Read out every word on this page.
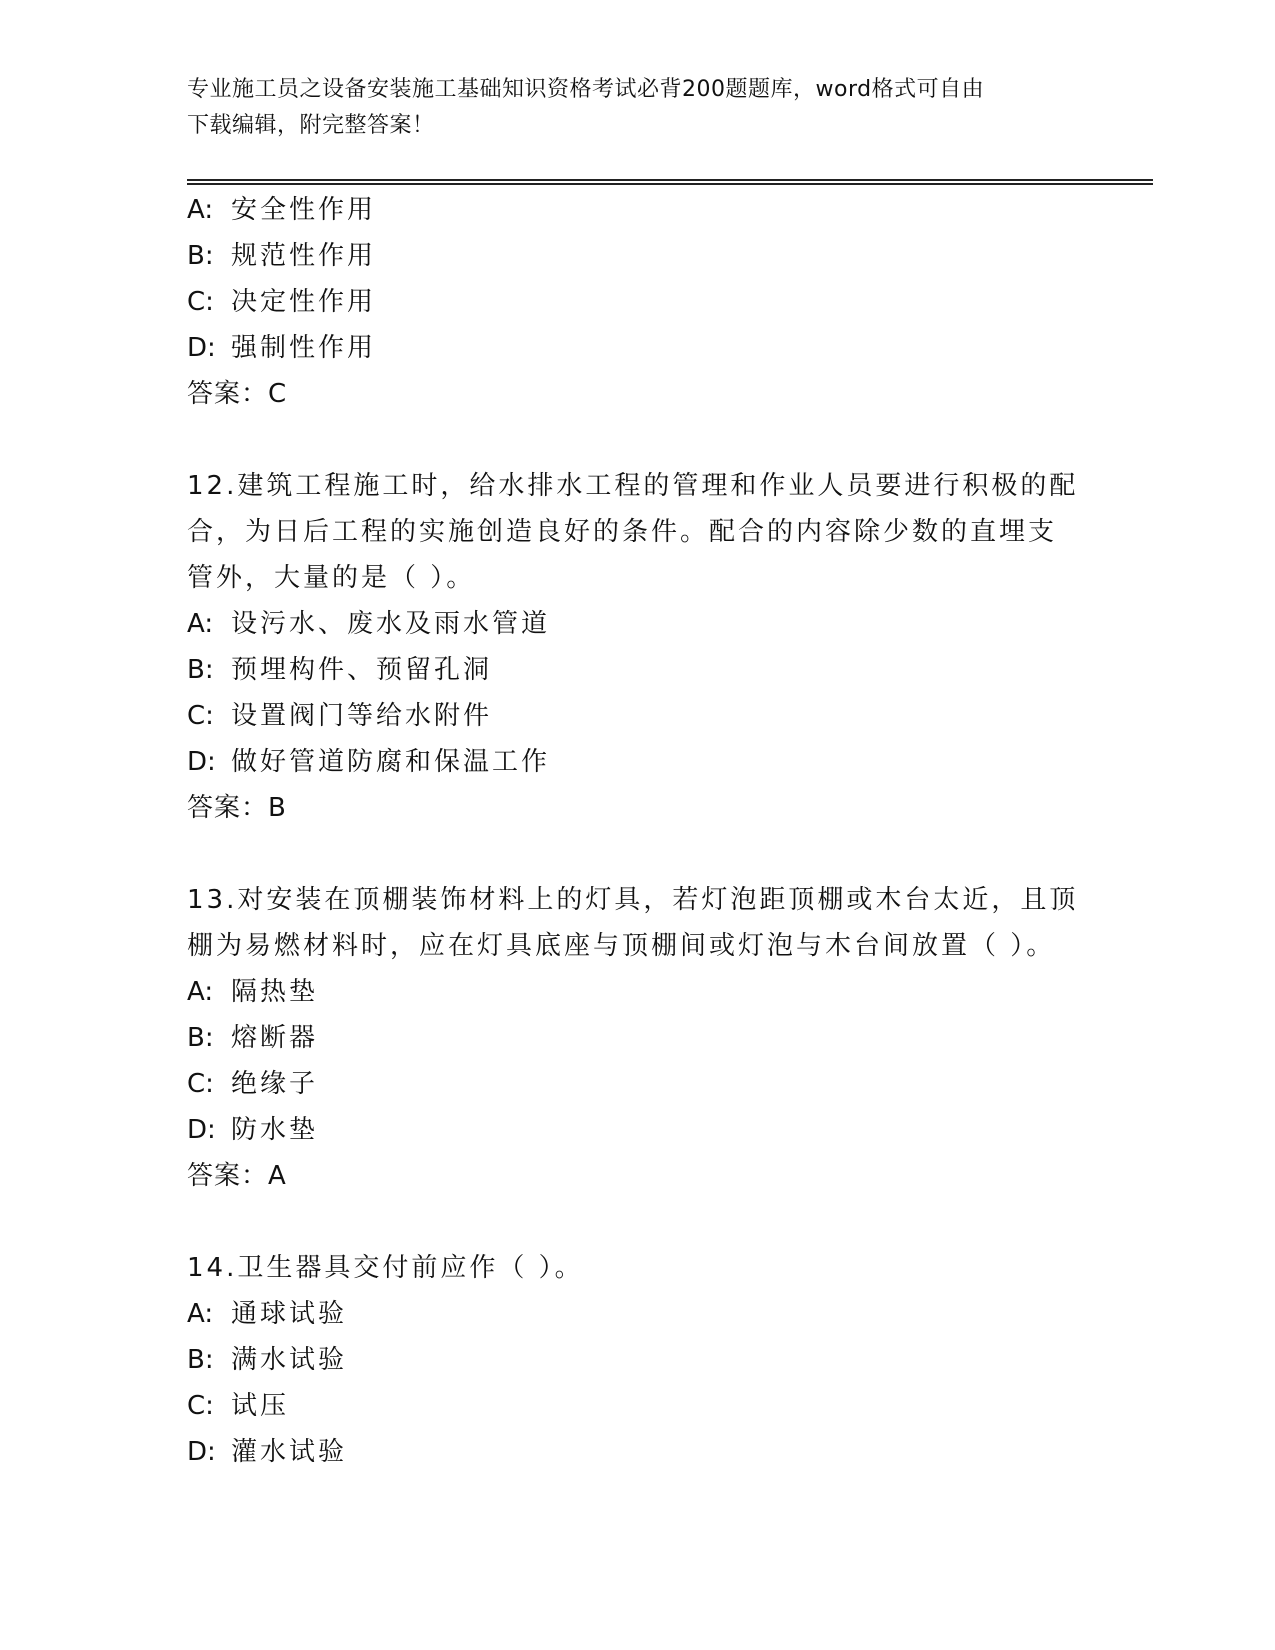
专业施工员之设备安装施工基础知识资格考试必背200题题库，word格式可自由
下载编辑，附完整答案！
A: 安全性作用
B: 规范性作用
C: 决定性作用
D: 强制性作用
答案：C
12.建筑工程施工时，给水排水工程的管理和作业人员要进行积极的配
合，为日后工程的实施创造良好的条件。配合的内容除少数的直埋支
管外，大量的是（ ）。
A: 设污水、废水及雨水管道
B: 预埋构件、预留孔洞
C: 设置阀门等给水附件
D: 做好管道防腐和保温工作
答案：B
13.对安装在顶棚装饰材料上的灯具，若灯泡距顶棚或木台太近，且顶
棚为易燃材料时，应在灯具底座与顶棚间或灯泡与木台间放置（ ）。
A: 隔热垫
B: 熔断器
C: 绝缘子
D: 防水垫
答案：A
14.卫生器具交付前应作（ ）。
A: 通球试验
B: 满水试验
C: 试压
D: 灌水试验
